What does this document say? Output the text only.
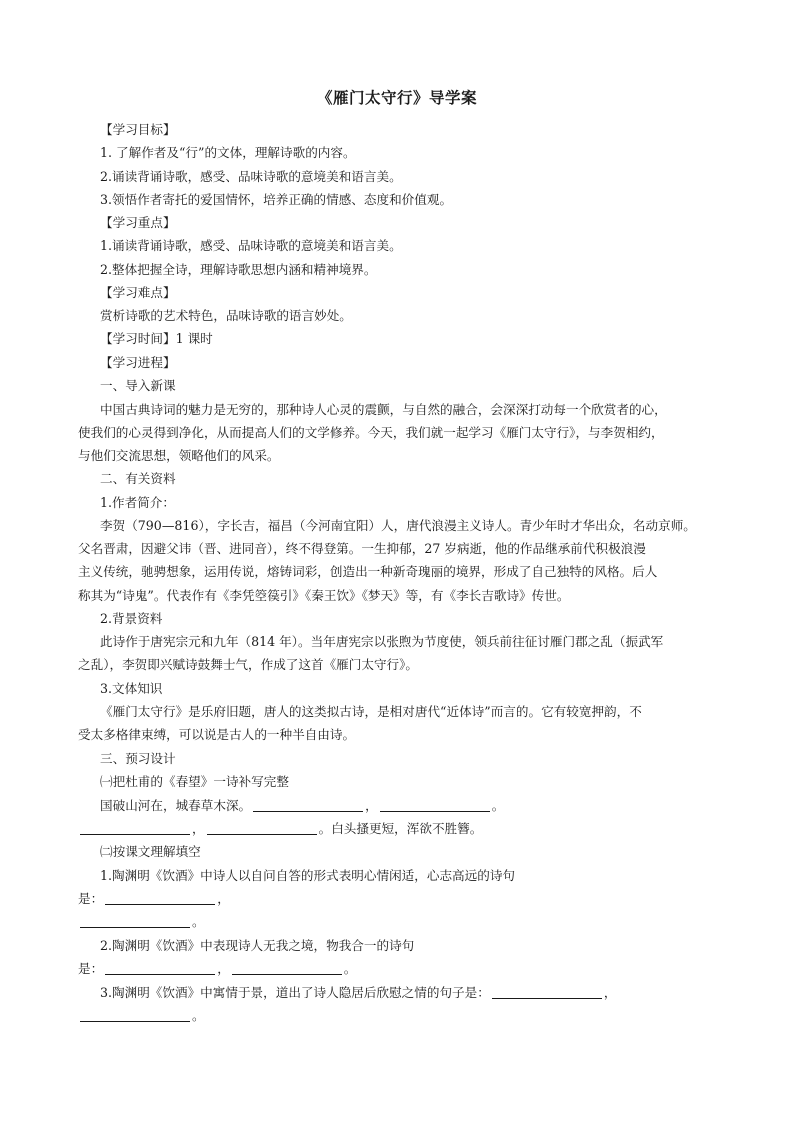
《雁门太守行》导学案
【学习目标】
1. 了解作者及“行”的文体，理解诗歌的内容。
2.诵读背诵诗歌，感受、品味诗歌的意境美和语言美。
3.领悟作者寄托的爱国情怀，培养正确的情感、态度和价值观。
【学习重点】
1.诵读背诵诗歌，感受、品味诗歌的意境美和语言美。
2.整体把握全诗，理解诗歌思想内涵和精神境界。
【学习难点】
赏析诗歌的艺术特色，品味诗歌的语言妙处。
【学习时间】1 课时
【学习进程】
一、导入新课
中国古典诗词的魅力是无穷的，那种诗人心灵的震颤，与自然的融合，会深深打动每一个欣赏者的心，
使我们的心灵得到净化，从而提高人们的文学修养。今天，我们就一起学习《雁门太守行》，与李贺相约，
与他们交流思想，领略他们的风采。
二、有关资料
1.作者简介：
李贺（790—816），字长吉，福昌（今河南宜阳）人，唐代浪漫主义诗人。青少年时才华出众，名动京师。
父名晋肃，因避父讳（晋、进同音），终不得登第。一生抑郁，27 岁病逝，他的作品继承前代积极浪漫
主义传统，驰骋想象，运用传说，熔铸词彩，创造出一种新奇瑰丽的境界，形成了自己独特的风格。后人
称其为“诗鬼”。代表作有《李凭箜篌引》《秦王饮》《梦天》等，有《李长吉歌诗》传世。
2.背景资料
此诗作于唐宪宗元和九年（814 年）。当年唐宪宗以张煦为节度使，领兵前往征讨雁门郡之乱（振武军
之乱），李贺即兴赋诗鼓舞士气，作成了这首《雁门太守行》。
3.文体知识
《雁门太守行》是乐府旧题，唐人的这类拟古诗，是相对唐代“近体诗”而言的。它有较宽押韵，不
受太多格律束缚，可以说是古人的一种半自由诗。
三、预习设计
㈠把杜甫的《春望》一诗补写完整
国破山河在，城春草木深。	，	。
，	。白头搔更短，浑欲不胜簪。
㈡按课文理解填空
1.陶渊明《饮酒》中诗人以自问自答的形式表明心情闲适，心志高远的诗句
是：	，
。
2.陶渊明《饮酒》中表现诗人无我之境，物我合一的诗句
是：	，	。
3.陶渊明《饮酒》中寓情于景，道出了诗人隐居后欣慰之情的句子是：	，
。
